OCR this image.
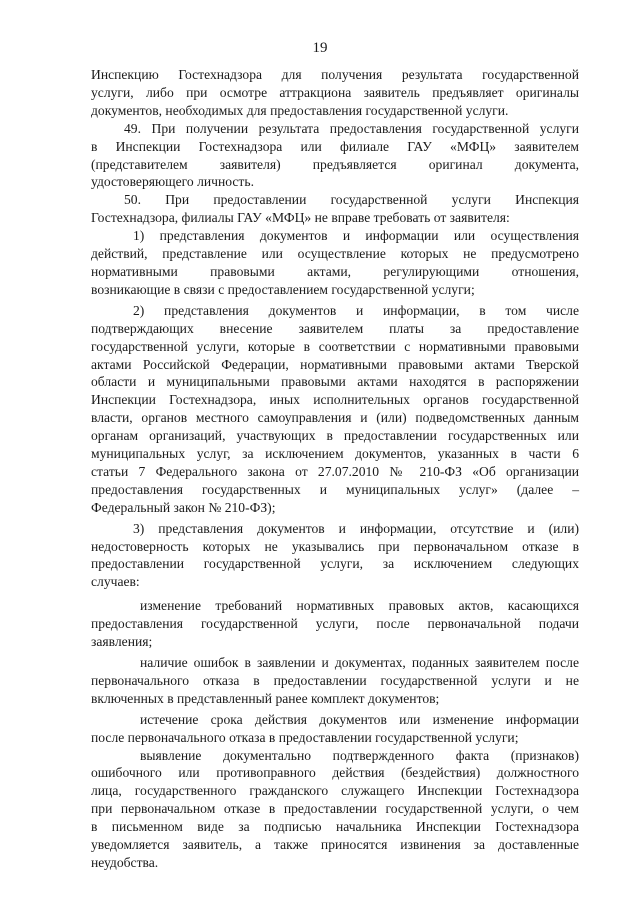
19

Инспекцию Гостехнадзора для получения результата государственной

услуги, либо при осмотре аттракциона заявитель предъявляет оригиналы

документов, необходимых для предоставления государственной услуги.

49. При получении результата предоставления государственной услуги

в Инспекции Гостехнадзора или филиале ГАУ «МФЦ» заявителем

(представителем заявителя) предъявляется оригинал документа,

удостоверяющего личность.

50. При предоставлении государственной услуги Инспекция

Гостехнадзора, филиалы ГАУ «МФЦ» не вправе требовать от заявителя:

1) представления документов и информации или осуществления

действий, представление или осуществление которых не предусмотрено

нормативными правовыми актами, регулирующими отношения,

возникающие в связи с предоставлением государственной услуги;

2) представления документов и информации, в том числе

подтверждающих внесение заявителем платы за предоставление

государственной услуги, которые в соответствии с нормативными правовыми

актами Российской Федерации, нормативными правовыми актами Тверской

области и муниципальными правовыми актами находятся в распоряжении

Инспекции Гостехнадзора, иных исполнительных органов государственной

власти, органов местного самоуправления и (или) подведомственных данным

органам организаций, участвующих в предоставлении государственных или

муниципальных услуг, за исключением документов, указанных в части 6

статьи 7 Федерального закона от 27.07.2010 № 210-ФЗ «Об организации

предоставления государственных и муниципальных услуг» (далее –

Федеральный закон № 210-ФЗ);

3) представления документов и информации, отсутствие и (или)

недостоверность которых не указывались при первоначальном отказе в

предоставлении государственной услуги, за исключением следующих

случаев:

изменение требований нормативных правовых актов, касающихся

предоставления государственной услуги, после первоначальной подачи

заявления;

наличие ошибок в заявлении и документах, поданных заявителем после

первоначального отказа в предоставлении государственной услуги и не

включенных в представленный ранее комплект документов;

истечение срока действия документов или изменение информации

после первоначального отказа в предоставлении государственной услуги;

выявление документально подтвержденного факта (признаков)

ошибочного или противоправного действия (бездействия) должностного

лица, государственного гражданского служащего Инспекции Гостехнадзора

при первоначальном отказе в предоставлении государственной услуги, о чем

в письменном виде за подписью начальника Инспекции Гостехнадзора

уведомляется заявитель, а также приносятся извинения за доставленные

неудобства.
